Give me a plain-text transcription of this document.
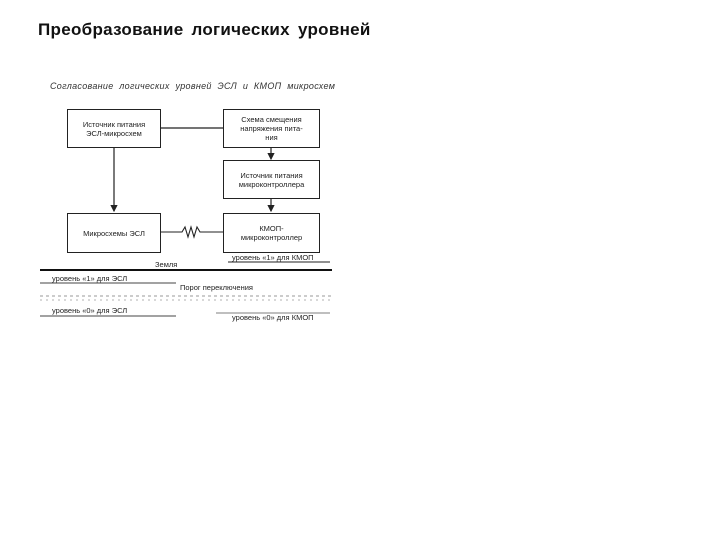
Преобразование логических уровней
Согласование логических уровней ЭСЛ и КМОП микросхем
Источник питания
ЭСЛ-микросхем
Схема смещения
напряжения пита-
ния
Источник питания
микроконтроллера
Микросхемы ЭСЛ	КМОП-
микроконтроллер
уровень «1» для КМОП
Земля
уровень «1» для ЭСЛ
Порог переключения
уровень «0» для ЭСЛ
уровень «0» для КМОП
